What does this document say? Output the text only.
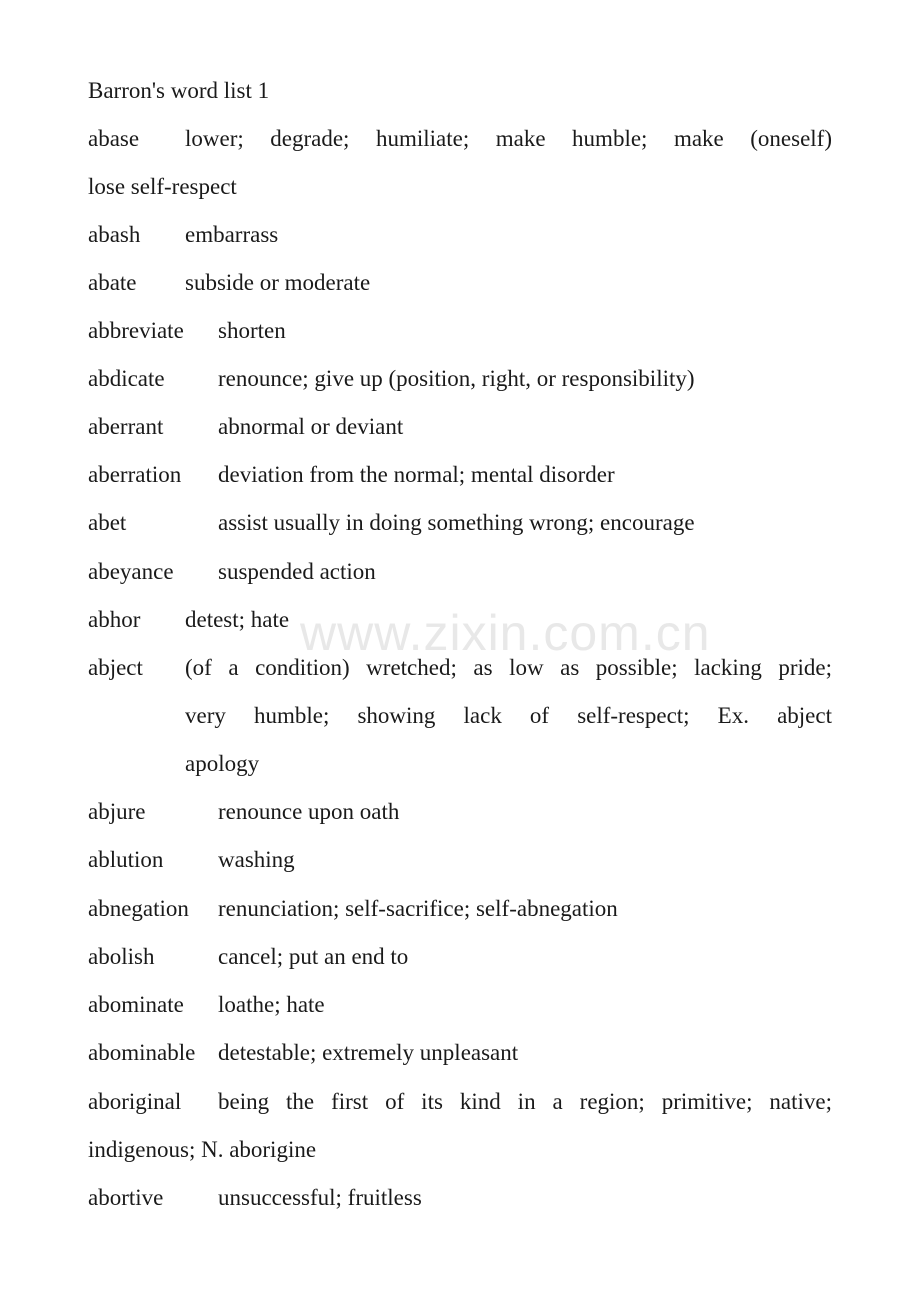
Barron's word list 1
abase lower; degrade; humiliate; make humble; make (oneself)
lose self-respect
abash embarrass
abate subside or moderate
abbreviate shorten
abdicate renounce; give up (position, right, or responsibility)
aberrant abnormal or deviant
aberration deviation from the normal; mental disorder
abet	assist usually in doing something wrong; encourage
abeyance suspended action
abhor detest; hate
abject (of a condition) wretched; as low as possible; lacking pride;
very humble; showing lack of self-respect; Ex. abject
apology
abjure	renounce upon oath
ablution washing
abnegation renunciation; self-sacrifice; self-abnegation
abolish	cancel; put an end to
abominate loathe; hate
abominable detestable; extremely unpleasant
aboriginal being the first of its kind in a region; primitive; native;
indigenous; N. aborigine
abortive unsuccessful; fruitless
www.zixin.com.cn
